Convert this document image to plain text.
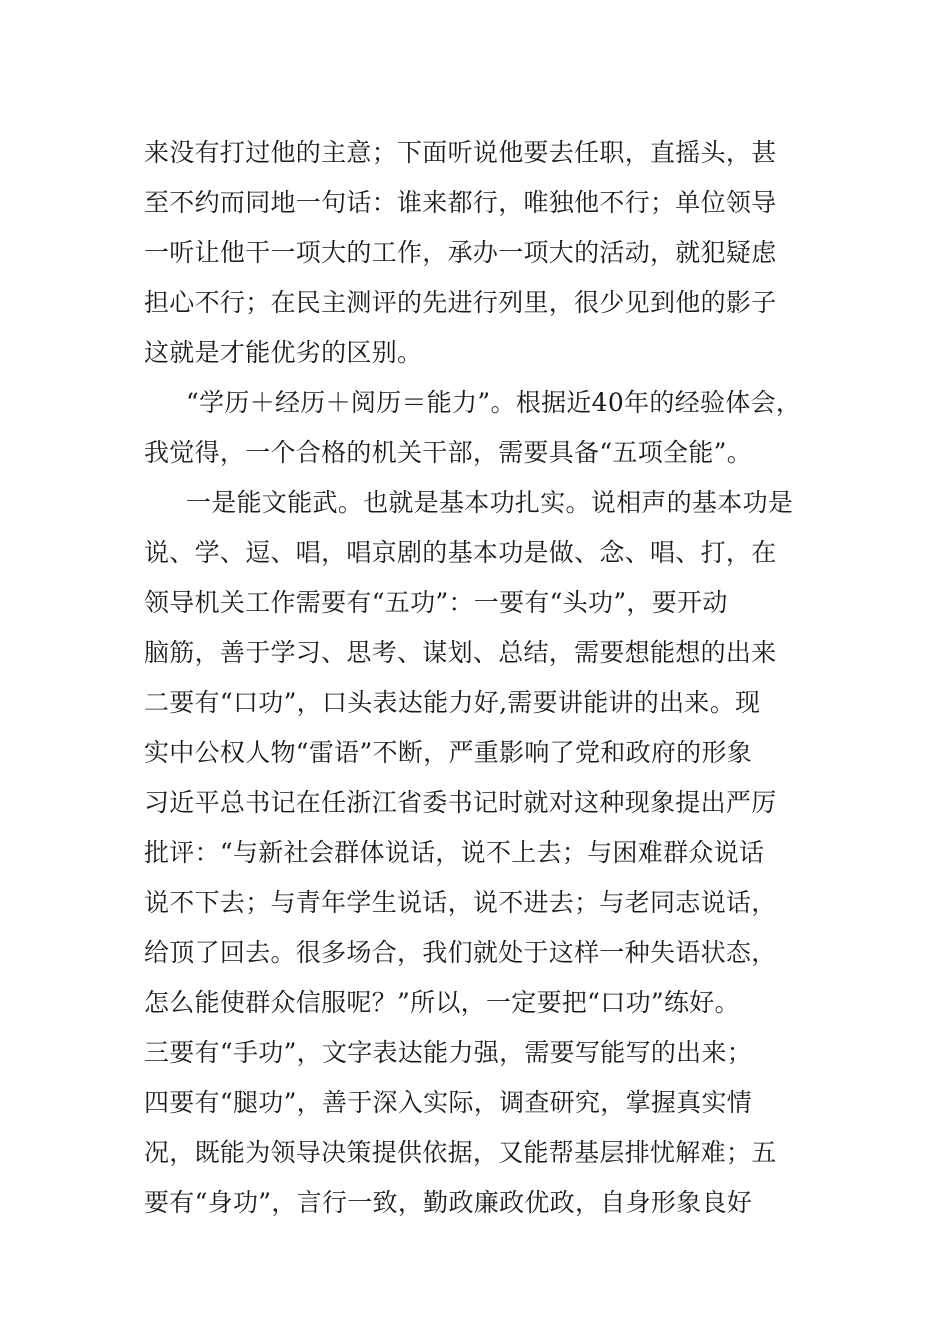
来没有打过他的主意；下面听说他要去任职，直摇头，甚
至不约而同地一句话：谁来都行，唯独他不行；单位领导
一听让他干一项大的工作，承办一项大的活动，就犯疑虑
担心不行；在民主测评的先进行列里，很少见到他的影子
这就是才能优劣的区别。
“学历＋经历＋阅历＝能力”。根据近40年的经验体会，
我觉得，一个合格的机关干部，需要具备“五项全能”。
一是能文能武。也就是基本功扎实。说相声的基本功是
说、学、逗、唱，唱京剧的基本功是做、念、唱、打，在
领导机关工作需要有“五功”：一要有“头功”，要开动
脑筋，善于学习、思考、谋划、总结，需要想能想的出来
二要有“口功”，口头表达能力好,需要讲能讲的出来。现
实中公权人物“雷语”不断，严重影响了党和政府的形象
习近平总书记在任浙江省委书记时就对这种现象提出严厉
批评：“与新社会群体说话，说不上去；与困难群众说话
说不下去；与青年学生说话，说不进去；与老同志说话，
给顶了回去。很多场合，我们就处于这样一种失语状态，
怎么能使群众信服呢？”所以，一定要把“口功”练好。
三要有“手功”，文字表达能力强，需要写能写的出来；
四要有“腿功”，善于深入实际，调查研究，掌握真实情
况，既能为领导决策提供依据，又能帮基层排忧解难；五
要有“身功”，言行一致，勤政廉政优政，自身形象良好
